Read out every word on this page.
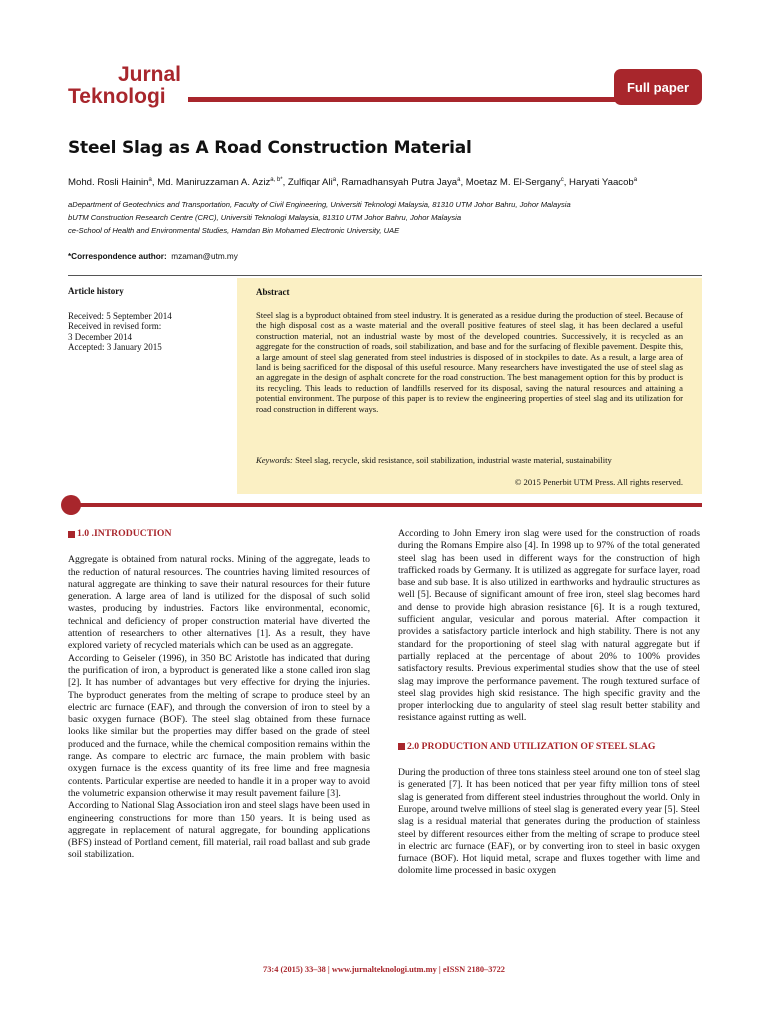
Jurnal
Teknologi	Full paper
Steel Slag as A Road Construction Material
Mohd. Rosli Hainin$^a$, Md. Maniruzzaman A. Aziz$^{a, b*}$, Zulfiqar Ali$^a$, Ramadhansyah Putra Jaya$^a$, Moetaz M. El-Sergany$^c$, Haryati Yaacob$^a$
aDepartment of Geotechnics and Transportation, Faculty of Civil Engineering, Universiti Teknologi Malaysia, 81310 UTM Johor Bahru, Johor Malaysia
bUTM Construction Research Centre (CRC), Universiti Teknologi Malaysia, 81310 UTM Johor Bahru, Johor Malaysia
ce-School of Health and Environmental Studies, Hamdan Bin Mohamed Electronic University, UAE
*Correspondence author: mzaman@utm.my
Article history
Received: 5 September 2014
Received in revised form:
3 December 2014
Accepted: 3 January 2015
Abstract
Steel slag is a byproduct obtained from steel industry. It is generated as a residue during the production of steel. Because of the high disposal cost as a waste material and the overall positive features of steel slag, it has been declared a useful construction material, not an industrial waste by most of the developed countries. Successively, it is recycled as an aggregate for the construction of roads, soil stabilization, and base and for the surfacing of flexible pavement. Despite this, a large amount of steel slag generated from steel industries is disposed of in stockpiles to date. As a result, a large area of land is being sacrificed for the disposal of this useful resource. Many researchers have investigated the use of steel slag as an aggregate in the design of asphalt concrete for the road construction. The best management option for this by product is its recycling. This leads to reduction of landfills reserved for its disposal, saving the natural resources and attaining a potential environment. The purpose of this paper is to review the engineering properties of steel slag and its utilization for road construction in different ways.
Keywords: Steel slag, recycle, skid resistance, soil stabilization, industrial waste material, sustainability
© 2015 Penerbit UTM Press. All rights reserved.
1.0 .INTRODUCTION

Aggregate is obtained from natural rocks. Mining of the aggregate, leads to the reduction of natural resources. The countries having limited resources of natural aggregate are thinking to save their natural resources for their future generation. A large area of land is utilized for the disposal of such solid wastes, producing by industries. Factors like environmental, economic, technical and deficiency of proper construction material have diverted the attention of researchers to other alternatives [1]. As a result, they have explored variety of recycled materials which can be used as an aggregate.

According to Geiseler (1996), in 350 BC Aristotle has indicated that during the purification of iron, a byproduct is generated like a stone called iron slag [2]. It has number of advantages but very effective for drying the injuries. The byproduct generates from the melting of scrape to produce steel by an electric arc furnace (EAF), and through the conversion of iron to steel by a basic oxygen furnace (BOF). The steel slag obtained from these furnace looks like similar but the properties may differ based on the grade of steel produced and the furnace, while the chemical composition remains within the range. As compare to electric arc furnace, the main problem with basic oxygen furnace is the excess quantity of its free lime and free magnesia contents. Particular expertise are needed to handle it in a proper way to avoid the volumetric expansion otherwise it may result pavement failure [3].

According to National Slag Association iron and steel slags have been used in engineering constructions for more than 150 years. It is being used as aggregate in replacement of natural aggregate, for bounding applications (BFS) instead of Portland cement, fill material, rail road ballast and sub grade soil stabilization.

According to John Emery iron slag were used for the construction of roads during the Romans Empire also [4]. In 1998 up to 97% of the total generated steel slag has been used in different ways for the construction of high trafficked roads by Germany. It is utilized as aggregate for surface layer, road base and sub base. It is also utilized in earthworks and hydraulic structures as well [5]. Because of significant amount of free iron, steel slag becomes hard and dense to provide high abrasion resistance [6]. It is a rough textured, sufficient angular, vesicular and porous material. After compaction it provides a satisfactory particle interlock and high stability. There is not any standard for the proportioning of steel slag with natural aggregate but if partially replaced at the percentage of about 20% to 100% provides satisfactory results. Previous experimental studies show that the use of steel slag may improve the performance pavement. The rough textured surface of steel slag provides high skid resistance. The high specific gravity and the proper interlocking due to angularity of steel slag result better stability and resistance against rutting as well.

2.0 PRODUCTION AND UTILIZATION OF STEEL SLAG

During the production of three tons stainless steel around one ton of steel slag is generated [7]. It has been noticed that per year fifty million tons of steel slag is generated from different steel industries throughout the world. Only in Europe, around twelve millions of steel slag is generated every year [5]. Steel slag is a residual material that generates during the production of stainless steel by different resources either from the melting of scrape to produce steel in electric arc furnace (EAF), or by converting iron to steel in basic oxygen furnace (BOF). Hot liquid metal, scrape and fluxes together with lime and dolomite lime processed in basic oxygen

73:4 (2015) 33–38 | www.jurnalteknologi.utm.my | eISSN 2180–3722
